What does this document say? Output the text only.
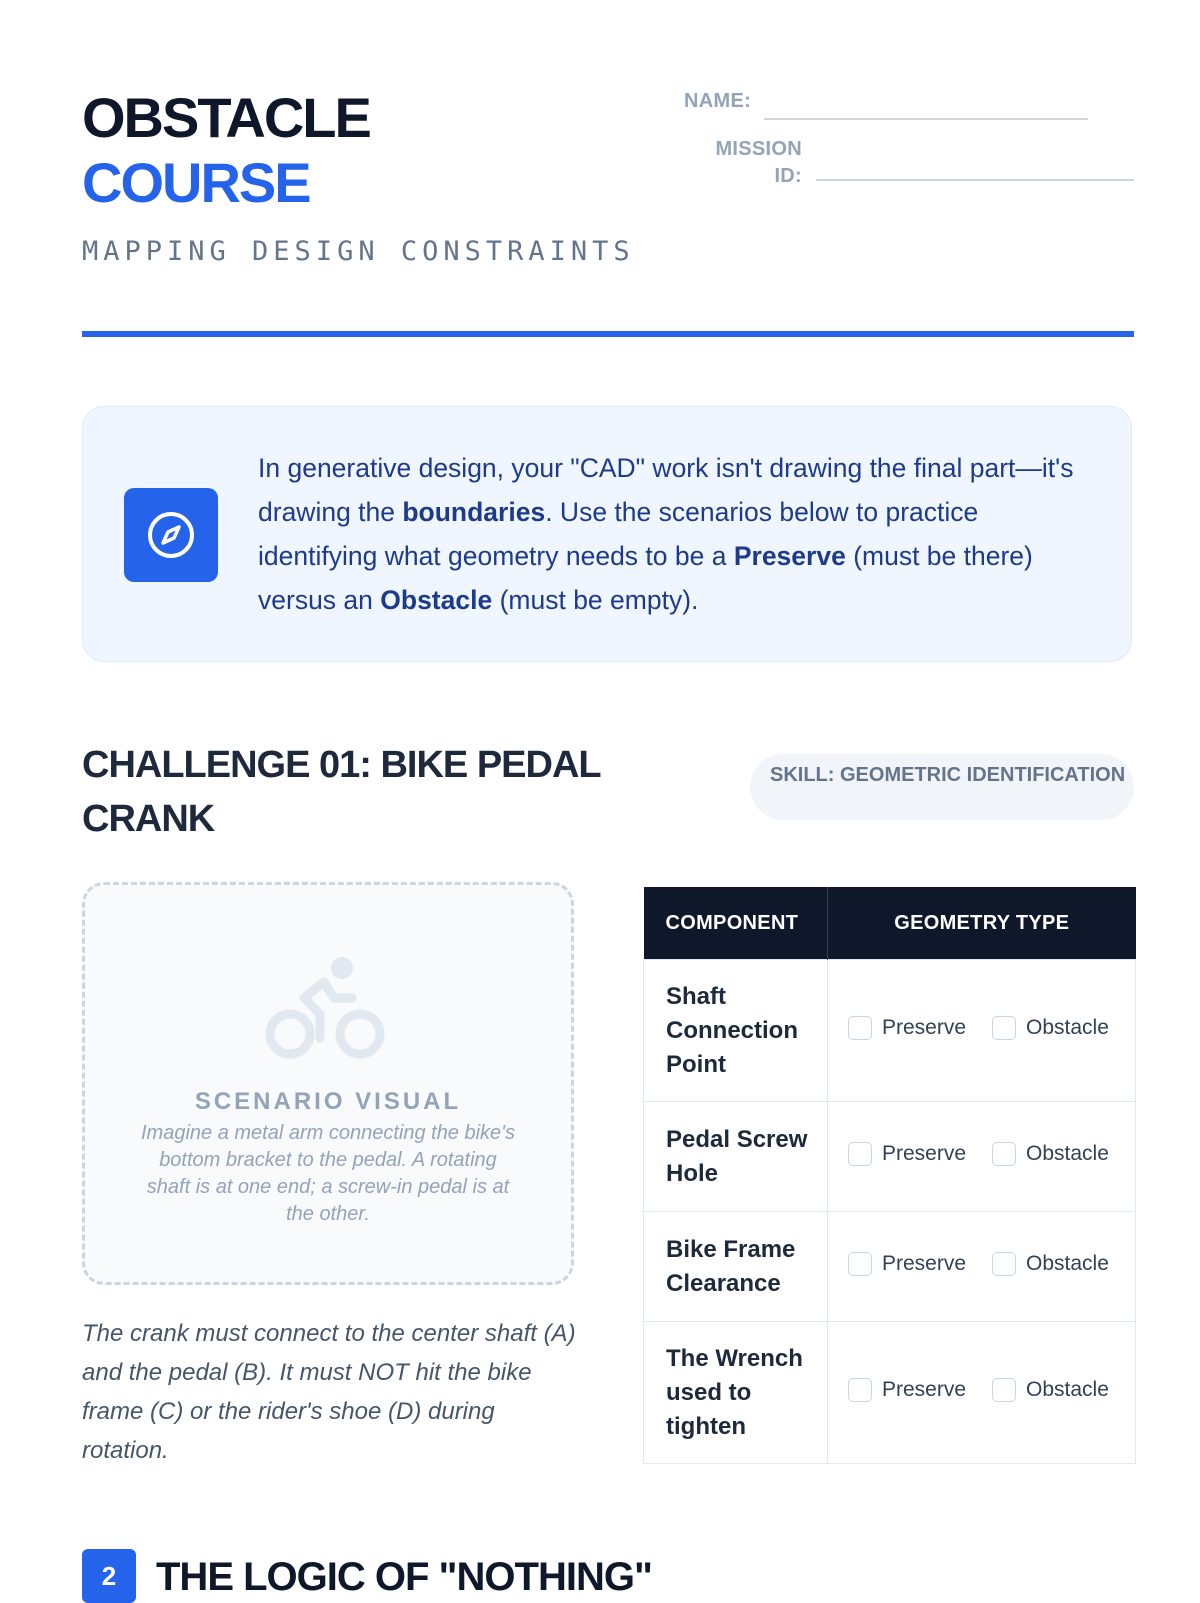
OBSTACLE
COURSE
MAPPING DESIGN CONSTRAINTS
NAME:
MISSION ID:
In generative design, your "CAD" work isn't drawing the final part—it's drawing the boundaries. Use the scenarios below to practice identifying what geometry needs to be a Preserve (must be there) versus an Obstacle (must be empty).
CHALLENGE 01: BIKE PEDAL CRANK
SKILL: GEOMETRIC IDENTIFICATION
SCENARIO VISUAL
Imagine a metal arm connecting the bike's bottom bracket to the pedal. A rotating shaft is at one end; a screw-in pedal is at the other.
The crank must connect to the center shaft (A) and the pedal (B). It must NOT hit the bike frame (C) or the rider's shoe (D) during rotation.
COMPONENT	GEOMETRY TYPE
Shaft Connection Point	Preserve Obstacle

Pedal Screw Hole	Preserve Obstacle

Bike Frame Clearance	Preserve Obstacle

The Wrench used to tighten	Preserve Obstacle
2 THE LOGIC OF "NOTHING"
